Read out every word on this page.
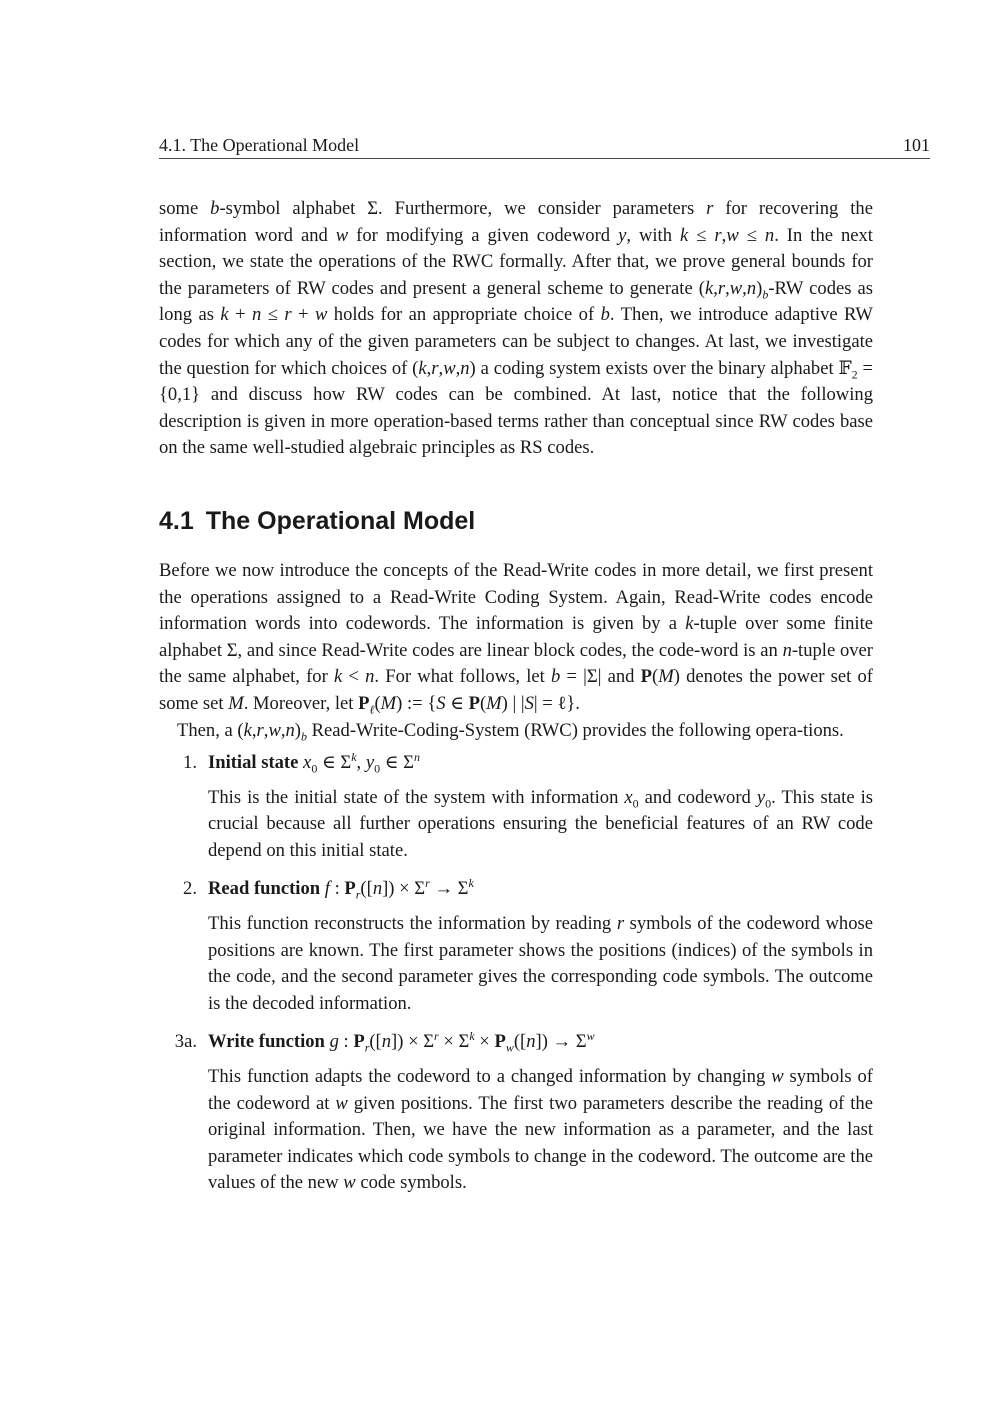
4.1. The Operational Model	101

some b-symbol alphabet Σ. Furthermore, we consider parameters r for recovering the information word and w for modifying a given codeword y, with k ≤ r,w ≤ n. In the next section, we state the operations of the RWC formally. After that, we prove general bounds for the parameters of RW codes and present a general scheme to generate $(k,r,w,n)_b-RW$ codes as long as k + n ≤ r + w holds for an appropriate choice of b. Then, we introduce adaptive RW codes for which any of the given parameters can be subject to changes. At last, we investigate the question for which choices of (k,r,w,n) a coding system exists over the binary alphabet 𝔽$_2$ = {0,1} and discuss how RW codes can be combined. At last, notice that the following description is given in more operation-based terms rather than conceptual since RW codes base on the same well-studied algebraic principles as RS codes.

4.1 The Operational Model

Before we now introduce the concepts of the Read-Write codes in more detail, we first present the operations assigned to a Read-Write Coding System. Again, Read-Write codes encode information words into codewords. The information is given by a k-tuple over some finite alphabet Σ, and since Read-Write codes are linear block codes, the code-word is an n-tuple over the same alphabet, for k < n. For what follows, let b = |Σ| and P(M) denotes the power set of some set M. Moreover, let $P_\ell(M)$ := {S ∈ P(M) | |S| = ℓ}.

Then, a $(k,r,w,n)_b$ Read-Write-Coding-System (RWC) provides the following opera-tions.

1. Initial state $x_0$ ∈ $\Sigma^k$, $y_0$ ∈ $\Sigma^n$

This is the initial state of the system with information $x_0$ and codeword $y_0$. This state is crucial because all further operations ensuring the beneficial features of an RW code depend on this initial state.

2. Read function f : $P_r([n]) \times \Sigma^r \to \Sigma^k$

This function reconstructs the information by reading r symbols of the codeword whose positions are known. The first parameter shows the positions (indices) of the symbols in the code, and the second parameter gives the corresponding code symbols. The outcome is the decoded information.

3a. Write function g : $P_r([n]) \times \Sigma^r \times \Sigma^k \times P_w([n]) \to \Sigma^w$

This function adapts the codeword to a changed information by changing w symbols of the codeword at w given positions. The first two parameters describe the reading of the original information. Then, we have the new information as a parameter, and the last parameter indicates which code symbols to change in the codeword. The outcome are the values of the new w code symbols.
